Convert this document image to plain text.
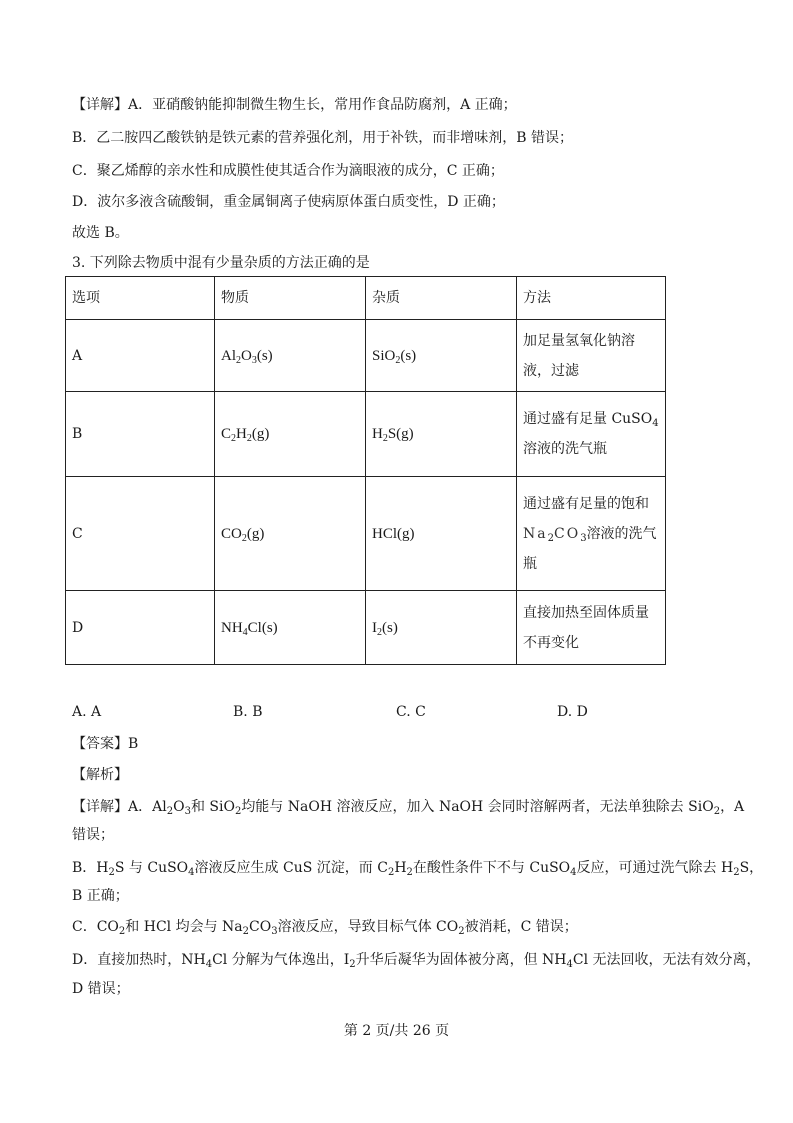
【详解】A．亚硝酸钠能抑制微生物生长，常用作食品防腐剂，A 正确；
B．乙二胺四乙酸铁钠是铁元素的营养强化剂，用于补铁，而非增味剂，B 错误；
C．聚乙烯醇的亲水性和成膜性使其适合作为滴眼液的成分，C 正确；
D．波尔多液含硫酸铜，重金属铜离子使病原体蛋白质变性，D 正确；
故选 B。
3. 下列除去物质中混有少量杂质的方法正确的是
选项	物质	杂质	方法
A	$Al_2O_3(s)$	SiO$_2$(s)	加足量氢氧化钠溶
液，过滤
B	$C_2H_2(g)$	$H_2S(g)$	通过盛有足量 CuSO$_4$
溶液的洗气瓶
C	$CO_2(g)$	HCl(g)	通过盛有足量的饱和
$Na_2CO_3$溶液的洗气
瓶
D	$NH_4Cl(s)$	$I_2(s)$	直接加热至固体质量
不再变化
A. A	B. B	C. C	D. D
【答案】B
【解析】
【详解】A．$Al_2O_3$和 SiO$_2$均能与 NaOH 溶液反应，加入 NaOH 会同时溶解两者，无法单独除去 SiO$_2$，A
错误；
B．$H_2S$ 与 CuSO$_4$溶液反应生成 CuS 沉淀，而 $C_2H_2$在酸性条件下不与 CuSO$_4$反应，可通过洗气除去 $H_2S$，
B 正确；
C．$CO_2$和 HCl 均会与 $Na_2CO_3$溶液反应，导致目标气体 $CO_2$被消耗，C 错误；
D．直接加热时，$NH_4Cl$ 分解为气体逸出，$I_2$升华后凝华为固体被分离，但 $NH_4Cl$ 无法回收，无法有效分离，
D 错误；
第 2 页/共 26 页
